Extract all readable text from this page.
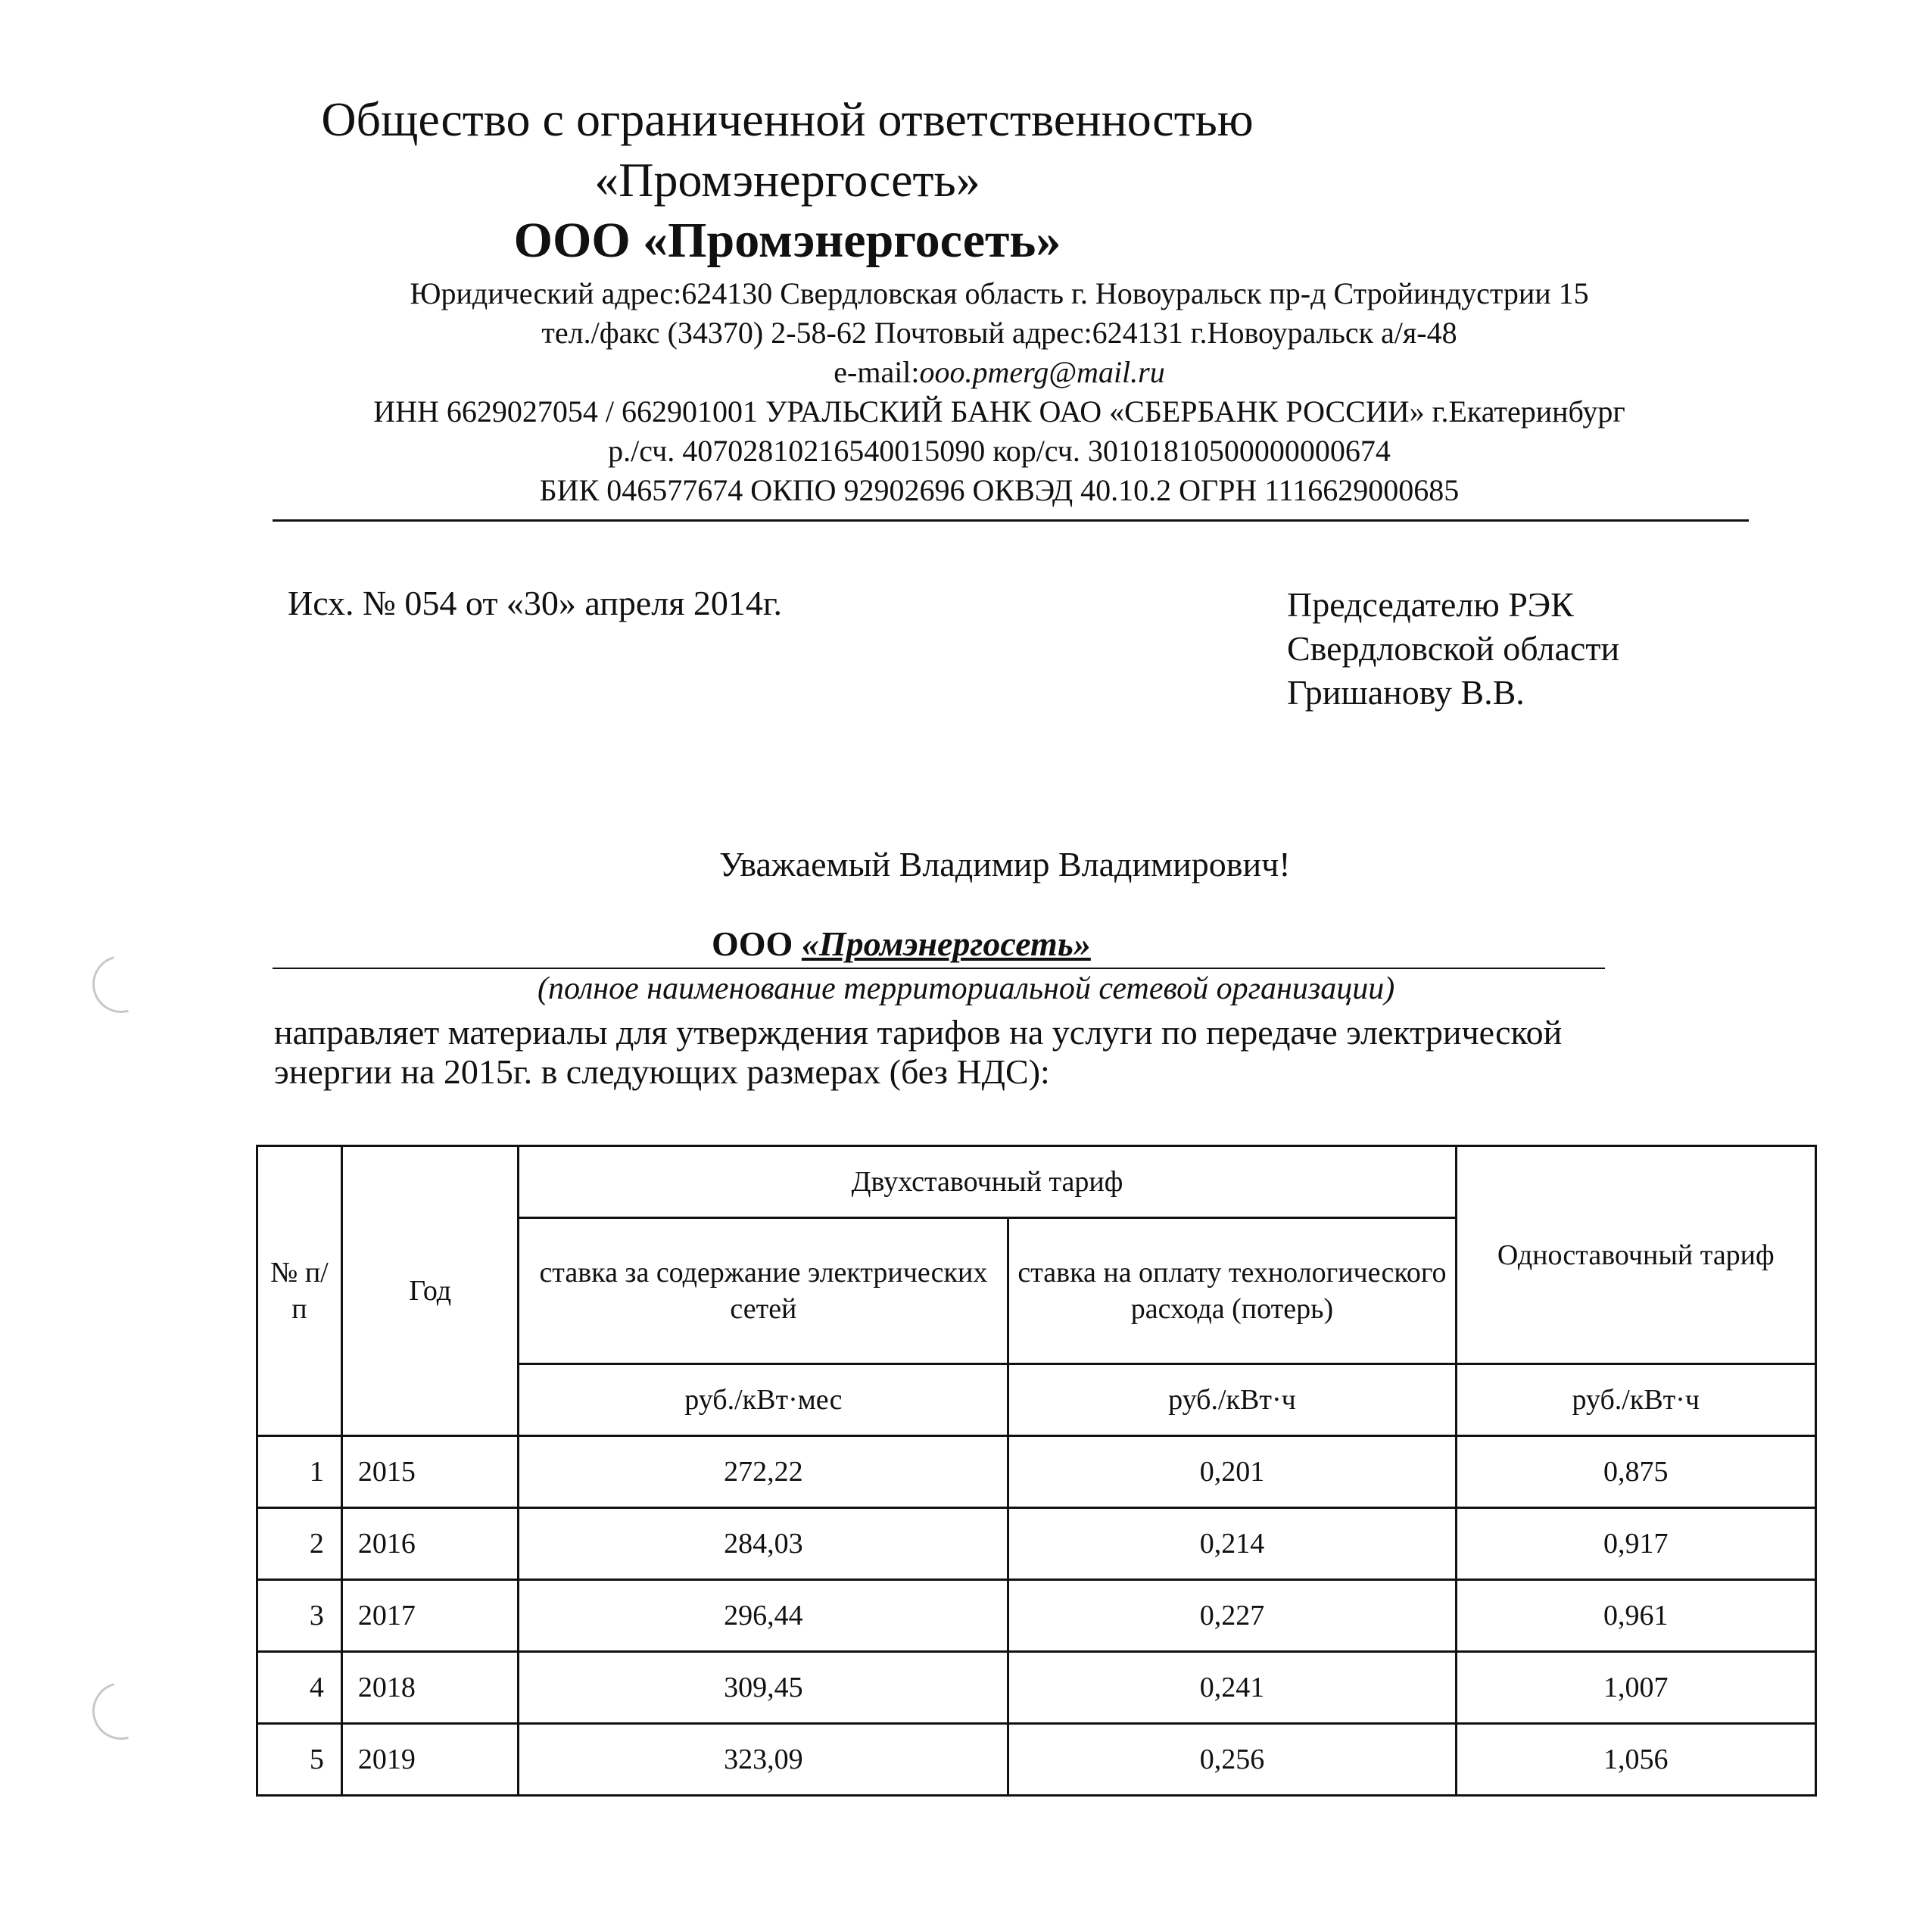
Общество с ограниченной ответственностью
«Промэнергосеть»
ООО «Промэнергосеть»
Юридический адрес:624130 Свердловская область г. Новоуральск пр-д Стройиндустрии 15
тел./факс (34370) 2-58-62 Почтовый адрес:624131 г.Новоуральск а/я-48
e-mail:ooo.pmerg@mail.ru
ИНН 6629027054 / 662901001 УРАЛЬСКИЙ БАНК ОАО «СБЕРБАНК РОССИИ» г.Екатеринбург
р./сч. 40702810216540015090 кор/сч. 30101810500000000674
БИК 046577674 ОКПО 92902696 ОКВЭД 40.10.2 ОГРН 1116629000685
Исх. № 054 от «30» апреля 2014г.	Председателю РЭК
Свердловской области
Гришанову В.В.
Уважаемый Владимир Владимирович!
ООО «Промэнергосеть»
(полное наименование территориальной сетевой организации)
направляет материалы для утверждения тарифов на услуги по передаче электрической
энергии на 2015г. в следующих размерах (без НДС):
№ п/п	Год	Двухставочный тариф		Одноставочный тариф
		ставка за содержание электрических сетей	ставка на оплату технологического расхода (потерь)	
		руб./кВт·мес	руб./кВт·ч	руб./кВт·ч
1	2015	272,22	0,201	0,875
2	2016	284,03	0,214	0,917
3	2017	296,44	0,227	0,961
4	2018	309,45	0,241	1,007
5	2019	323,09	0,256	1,056
